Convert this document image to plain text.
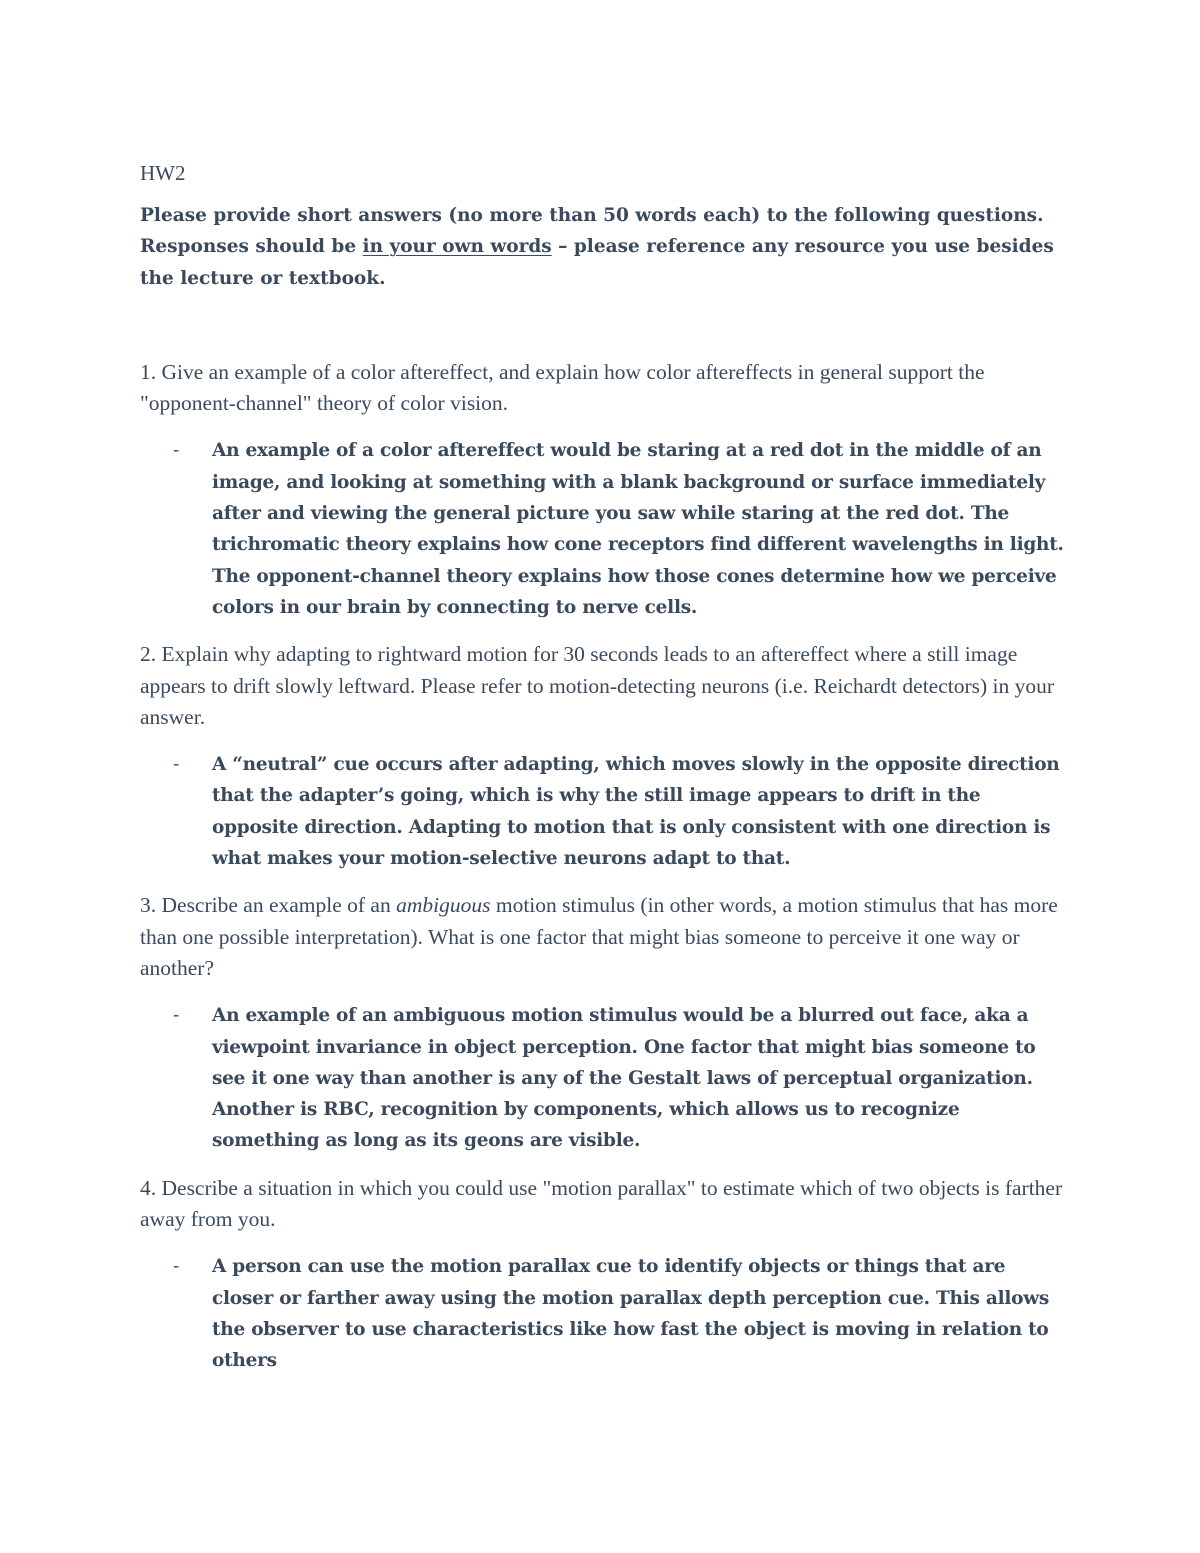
HW2

Please provide short answers (no more than 50 words each) to the following questions. Responses should be in your own words – please reference any resource you use besides the lecture or textbook.

1. Give an example of a color aftereffect, and explain how color aftereffects in general support the "opponent-channel" theory of color vision.

-	An example of a color aftereffect would be staring at a red dot in the middle of an image, and looking at something with a blank background or surface immediately after and viewing the general picture you saw while staring at the red dot. The trichromatic theory explains how cone receptors find different wavelengths in light. The opponent-channel theory explains how those cones determine how we perceive colors in our brain by connecting to nerve cells.

2. Explain why adapting to rightward motion for 30 seconds leads to an aftereffect where a still image appears to drift slowly leftward. Please refer to motion-detecting neurons (i.e. Reichardt detectors) in your answer.

-	A “neutral” cue occurs after adapting, which moves slowly in the opposite direction that the adapter’s going, which is why the still image appears to drift in the opposite direction. Adapting to motion that is only consistent with one direction is what makes your motion-selective neurons adapt to that.

3. Describe an example of an ambiguous motion stimulus (in other words, a motion stimulus that has more than one possible interpretation). What is one factor that might bias someone to perceive it one way or another?

-	An example of an ambiguous motion stimulus would be a blurred out face, aka a viewpoint invariance in object perception. One factor that might bias someone to see it one way than another is any of the Gestalt laws of perceptual organization. Another is RBC, recognition by components, which allows us to recognize something as long as its geons are visible.

4. Describe a situation in which you could use "motion parallax" to estimate which of two objects is farther away from you.

-	A person can use the motion parallax cue to identify objects or things that are closer or farther away using the motion parallax depth perception cue. This allows the observer to use characteristics like how fast the object is moving in relation to others
